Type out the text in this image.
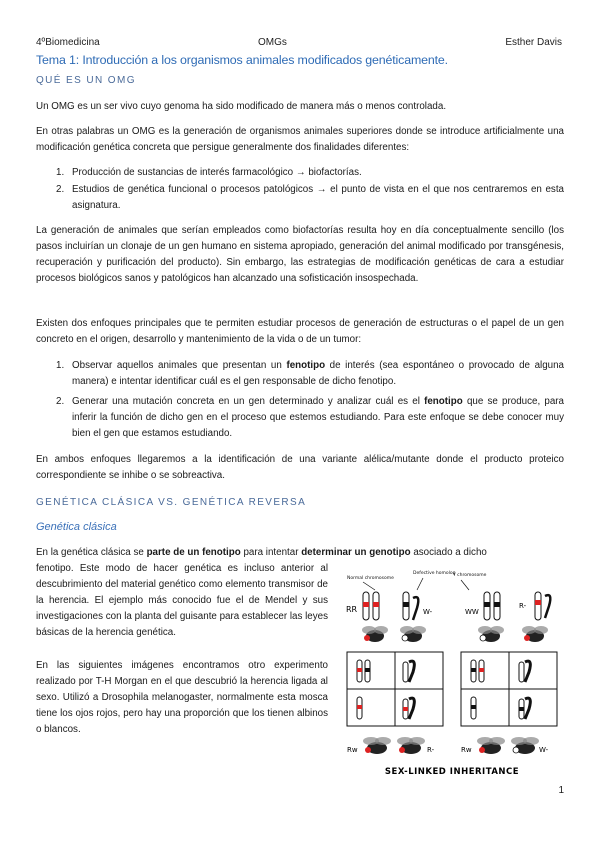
4ºBiomedicina	OMGs	Esther Davis
Tema 1: Introducción a los organismos animales modificados genéticamente.
QUÉ ES UN OMG
Un OMG es un ser vivo cuyo genoma ha sido modificado de manera más o menos controlada.
En otras palabras un OMG es la generación de organismos animales superiores donde se introduce artificialmente una modificación genética concreta que persigue generalmente dos finalidades diferentes:
1. Producción de sustancias de interés farmacológico → biofactorías.
2. Estudios de genética funcional o procesos patológicos → el punto de vista en el que nos centraremos en esta asignatura.
La generación de animales que serían empleados como biofactorías resulta hoy en día conceptualmente sencillo (los pasos incluirían un clonaje de un gen humano en sistema apropiado, generación del animal modificado por transgénesis, recuperación y purificación del producto). Sin embargo, las estrategias de modificación genéticas de cara a estudiar procesos biológicos sanos y patológicos han alcanzado una sofisticación insospechada.
Existen dos enfoques principales que te permiten estudiar procesos de generación de estructuras o el papel de un gen concreto en el origen, desarrollo y mantenimiento de la vida o de un tumor:
1. Observar aquellos animales que presentan un fenotipo de interés (sea espontáneo o provocado de alguna manera) e intentar identificar cuál es el gen responsable de dicho fenotipo.
2. Generar una mutación concreta en un gen determinado y analizar cuál es el fenotipo que se produce, para inferir la función de dicho gen en el proceso que estemos estudiando. Para este enfoque se debe conocer muy bien el gen que estamos estudiando.
En ambos enfoques llegaremos a la identificación de una variante alélica/mutante donde el producto proteico correspondiente se inhibe o se sobreactiva.
GENÉTICA CLÁSICA VS. GENÉTICA REVERSA
Genética clásica
En la genética clásica se parte de un fenotipo para intentar determinar un genotipo asociado a dicho
fenotipo. Este modo de hacer genética es incluso anterior al descubrimiento del material genético como elemento transmisor de la herencia. El ejemplo más conocido fue el de Mendel y sus investigaciones con la planta del guisante para establecer las leyes básicas de la herencia genética.
En las siguientes imágenes encontramos otro experimento realizado por T-H Morgan en el que descubrió la herencia ligada al sexo. Utilizó a Drosophila melanogaster, normalmente esta mosca tiene los ojos rojos, pero hay una proporción que los tienen albinos o blancos.
Normal chromosome
Defective homolog
Y chromosome
RR	W-	WW
R-
Rw	R-	Rw	W-
SEX-LINKED INHERITANCE
1
